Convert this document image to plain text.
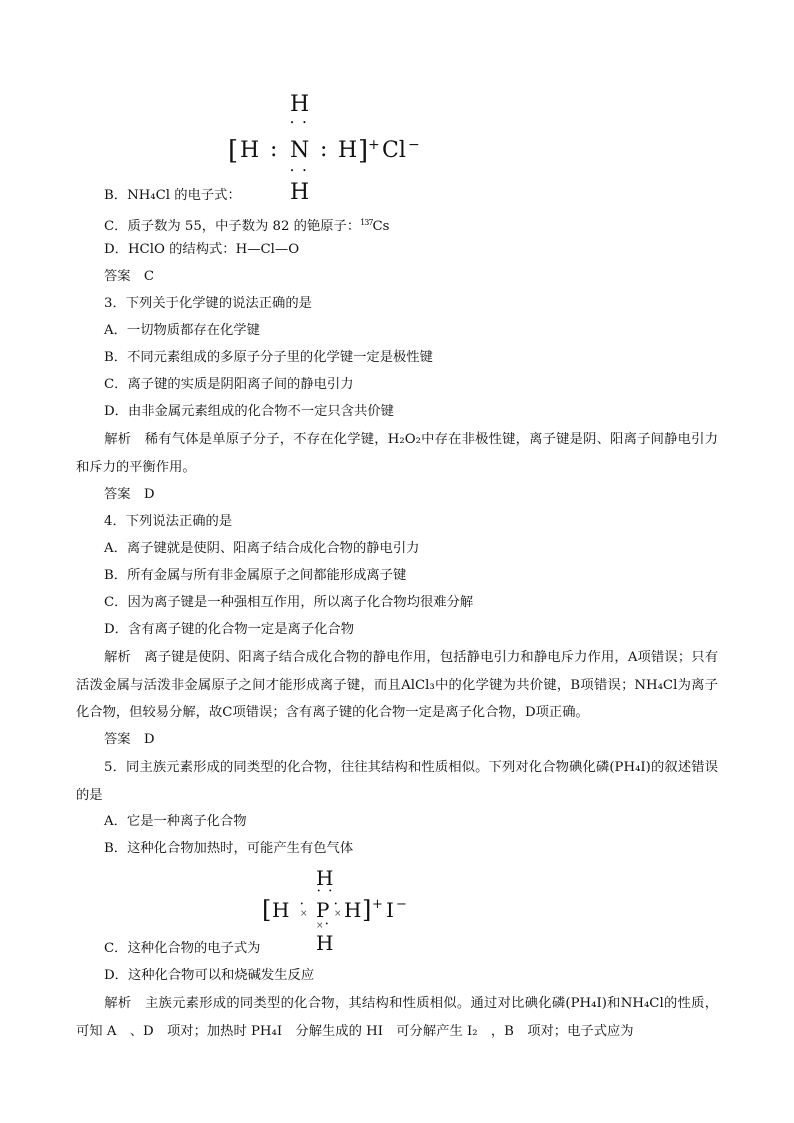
H
• •
[ H : N : H ] + Cl −
• •
H
B．NH₄Cl 的电子式：
C．质子数为 55，中子数为 82 的铯原子：$^{137}$Cs
D．HClO 的结构式：H—Cl—O
答案　C
3．下列关于化学键的说法正确的是
A．一切物质都存在化学键
B．不同元素组成的多原子分子里的化学键一定是极性键
C．离子键的实质是阴阳离子间的静电引力
D．由非金属元素组成的化合物不一定只含共价键
解析　稀有气体是单原子分子，不存在化学键，H₂O₂中存在非极性键，离子键是阴、阳离子间静电引力和斥力的平衡作用。
答案　D
4．下列说法正确的是
A．离子键就是使阴、阳离子结合成化合物的静电引力
B．所有金属与所有非金属原子之间都能形成离子键
C．因为离子键是一种强相互作用，所以离子化合物均很难分解
D．含有离子键的化合物一定是离子化合物
解析　离子键是使阴、阳离子结合成化合物的静电作用，包括静电引力和静电斥力作用，A项错误；只有活泼金属与活泼非金属原子之间才能形成离子键，而且AlCl₃中的化学键为共价键，B项错误；NH₄Cl为离子化合物，但较易分解，故C项错误；含有离子键的化合物一定是离子化合物，D项正确。
答案　D
5．同主族元素形成的同类型的化合物，往往其结构和性质相似。下列对化合物碘化磷(PH₄I)的叙述错误的是
A．它是一种离子化合物
B．这种化合物加热时，可能产生有色气体
H
• •
[ H •
× P •
× H ] + I −
× •
H
C．这种化合物的电子式为
D．这种化合物可以和烧碱发生反应
解析　主族元素形成的同类型的化合物，其结构和性质相似。通过对比碘化磷(PH₄I)和NH₄Cl的性质，可知 A　、D　项对；加热时 PH₄I　分解生成的 HI　可分解产生 I₂　，B　项对；电子式应为
